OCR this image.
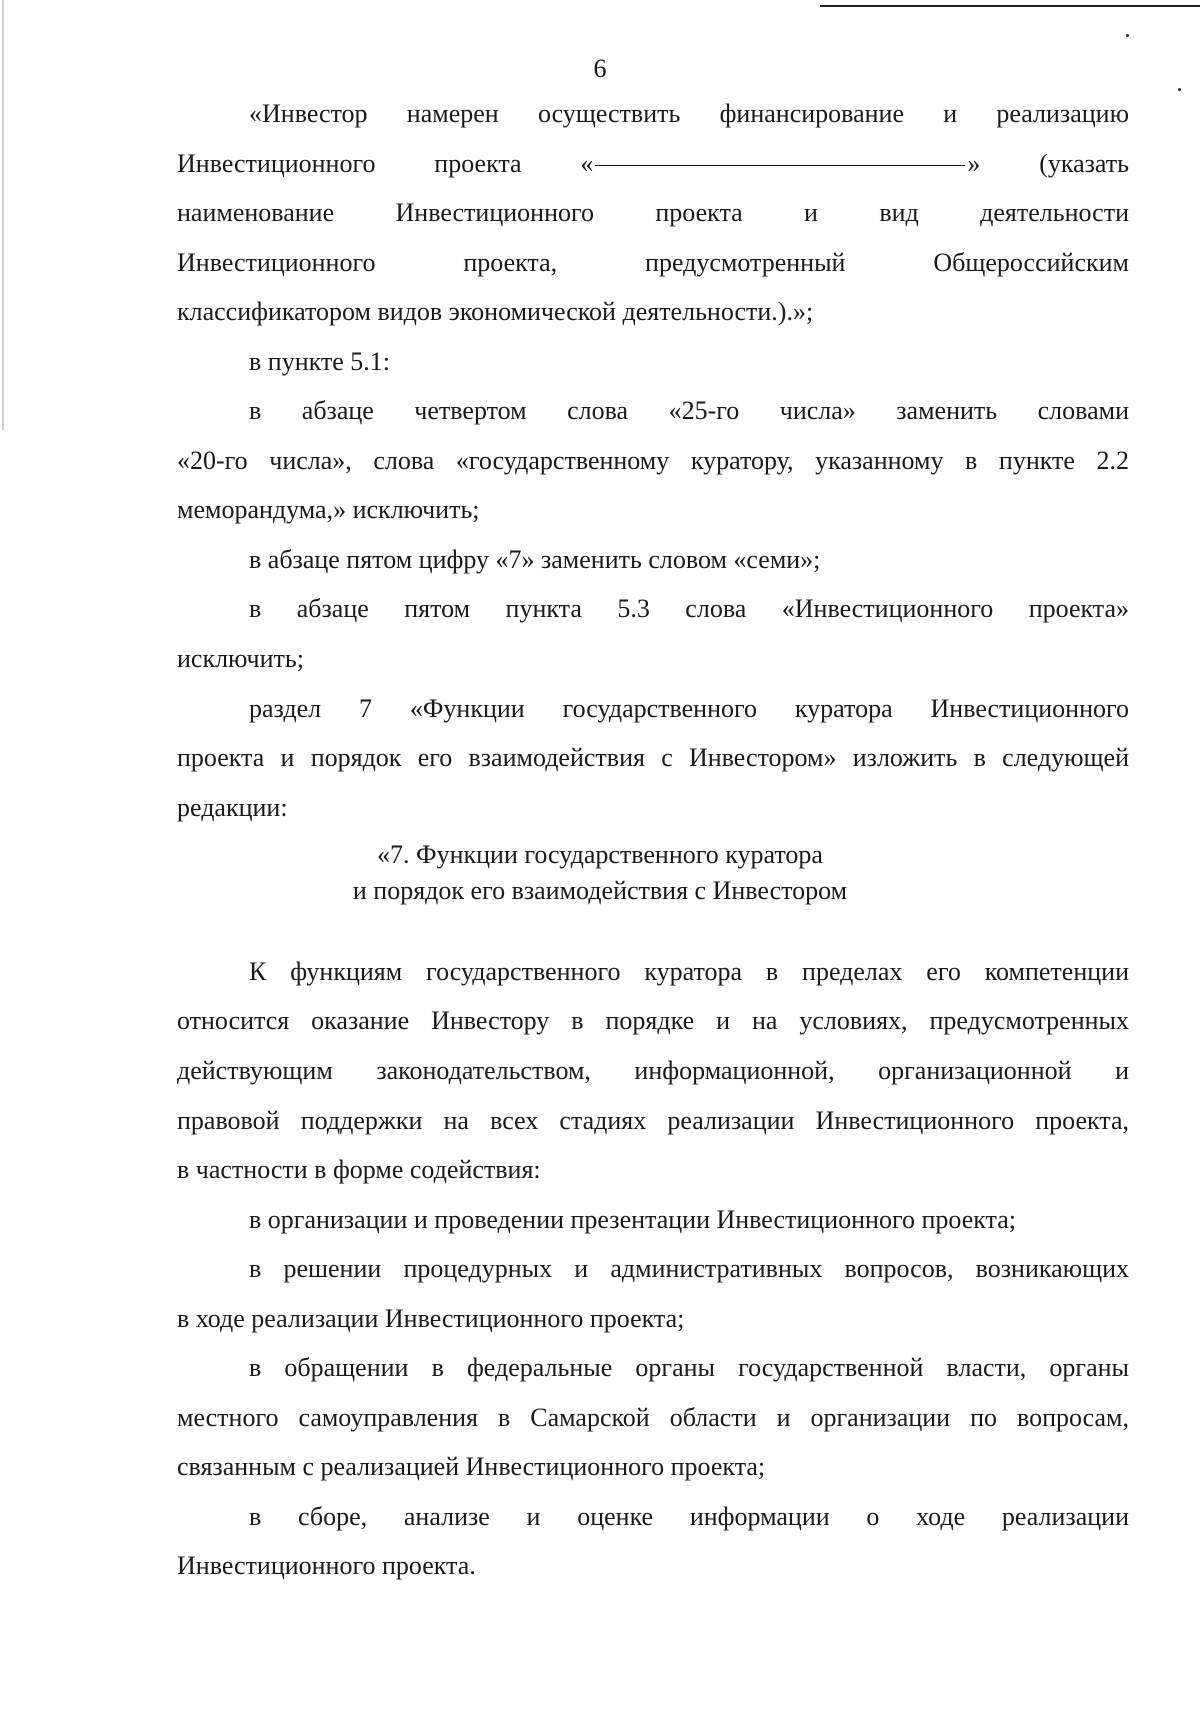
6
«Инвестор намерен осуществить финансирование и реализацию
Инвестиционного проекта «	» (указать
наименование Инвестиционного проекта и вид деятельности
Инвестиционного проекта, предусмотренный Общероссийским
классификатором видов экономической деятельности.).»;
в пункте 5.1:
в абзаце четвертом слова «25-го числа» заменить словами
«20-го числа», слова «государственному куратору, указанному в пункте 2.2
меморандума,» исключить;
в абзаце пятом цифру «7» заменить словом «семи»;
в абзаце пятом пункта 5.3 слова «Инвестиционного проекта»
исключить;
раздел 7 «Функции государственного куратора Инвестиционного
проекта и порядок его взаимодействия с Инвестором» изложить в следующей
редакции:
«7. Функции государственного куратора
и порядок его взаимодействия с Инвестором
К функциям государственного куратора в пределах его компетенции
относится оказание Инвестору в порядке и на условиях, предусмотренных
действующим законодательством, информационной, организационной и
правовой поддержки на всех стадиях реализации Инвестиционного проекта,
в частности в форме содействия:
в организации и проведении презентации Инвестиционного проекта;
в решении процедурных и административных вопросов, возникающих
в ходе реализации Инвестиционного проекта;
в обращении в федеральные органы государственной власти, органы
местного самоуправления в Самарской области и организации по вопросам,
связанным с реализацией Инвестиционного проекта;
в сборе, анализе и оценке информации о ходе реализации
Инвестиционного проекта.
